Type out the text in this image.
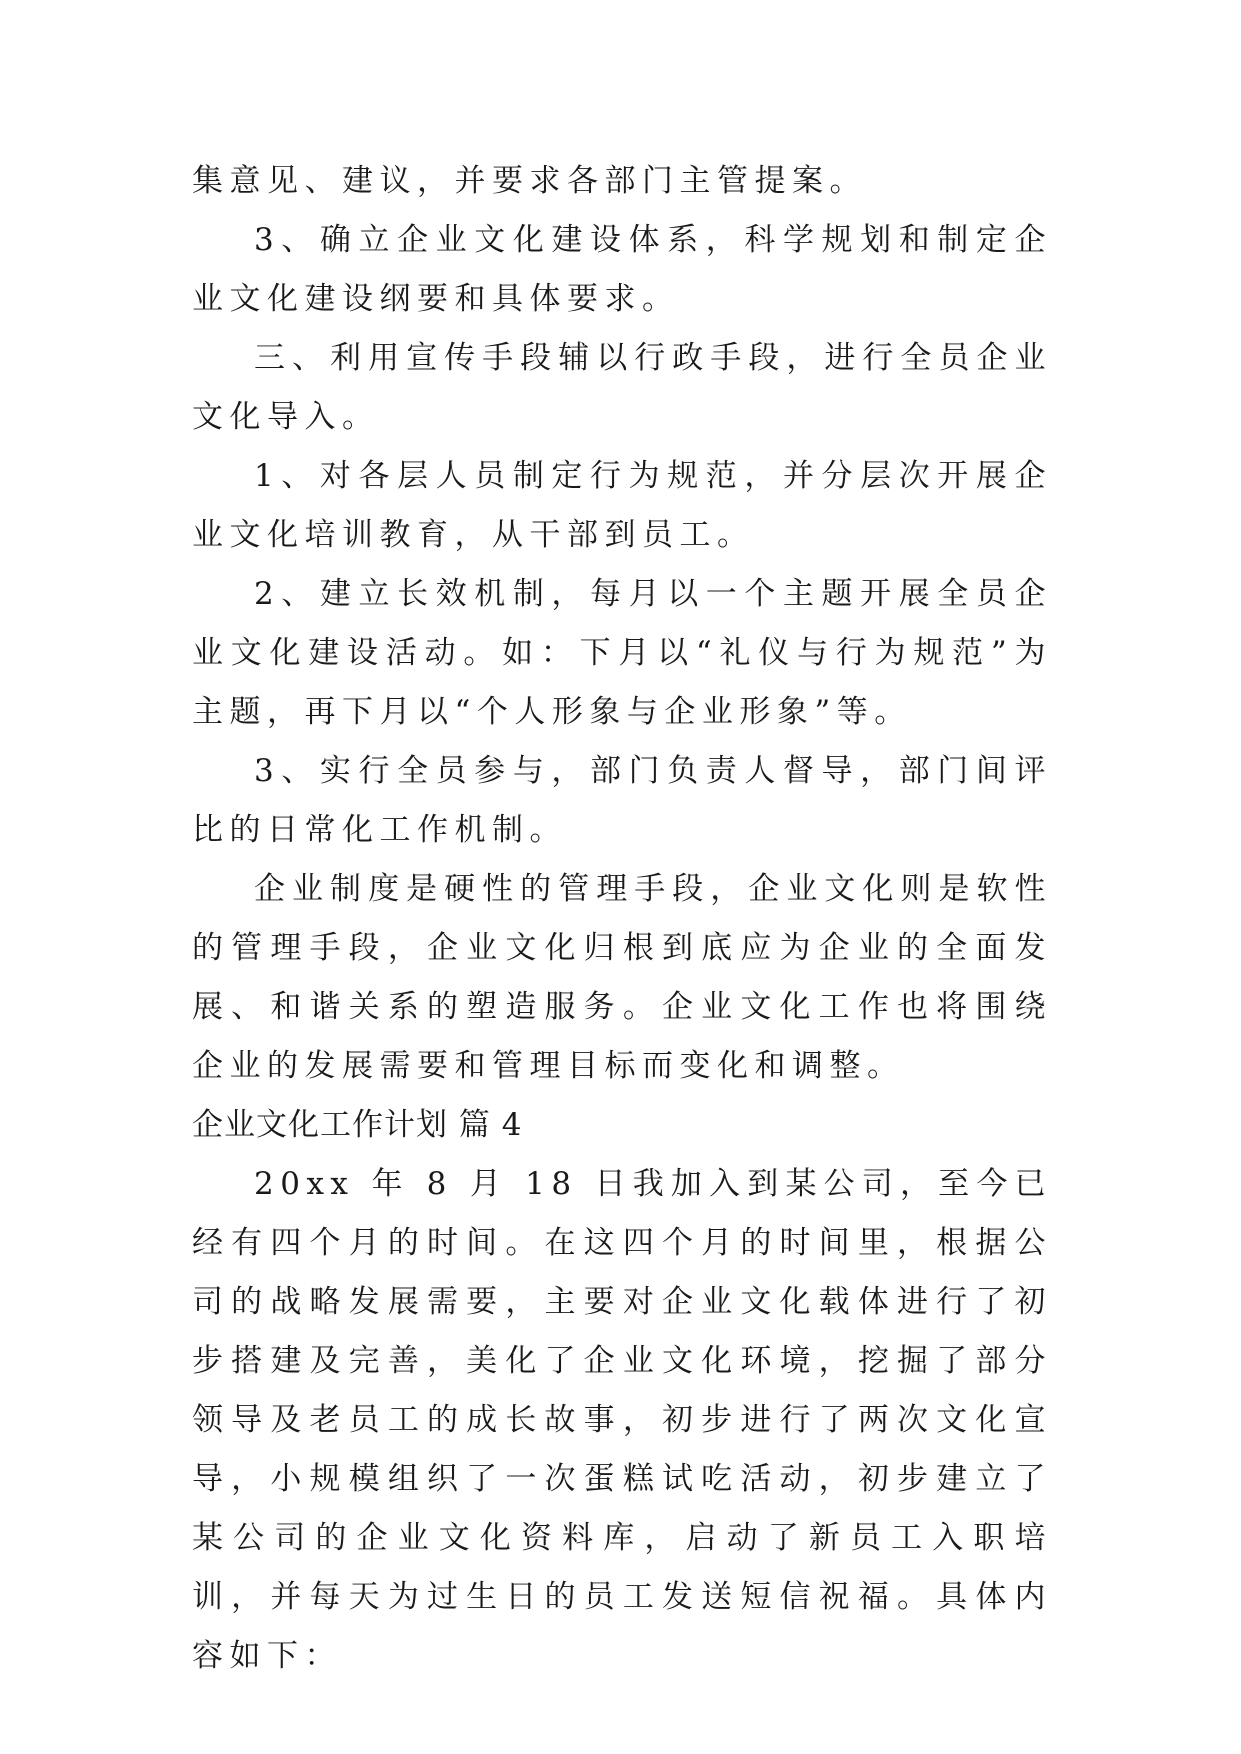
集意见、建议，并要求各部门主管提案。

3、确立企业文化建设体系，科学规划和制定企业文化建设纲要和具体要求。

三、利用宣传手段辅以行政手段，进行全员企业文化导入。

1、对各层人员制定行为规范，并分层次开展企业文化培训教育，从干部到员工。

2、建立长效机制，每月以一个主题开展全员企业文化建设活动。如：下月以“礼仪与行为规范”为主题，再下月以“个人形象与企业形象”等。

3、实行全员参与，部门负责人督导，部门间评比的日常化工作机制。

企业制度是硬性的管理手段，企业文化则是软性的管理手段，企业文化归根到底应为企业的全面发展、和谐关系的塑造服务。企业文化工作也将围绕企业的发展需要和管理目标而变化和调整。

企业文化工作计划 篇 4

20xx 年 8 月 18 日我加入到某公司，至今已经有四个月的时间。在这四个月的时间里，根据公司的战略发展需要，主要对企业文化载体进行了初步搭建及完善，美化了企业文化环境，挖掘了部分领导及老员工的成长故事，初步进行了两次文化宣导，小规模组织了一次蛋糕试吃活动，初步建立了某公司的企业文化资料库，启动了新员工入职培训，并每天为过生日的员工发送短信祝福。具体内容如下：
